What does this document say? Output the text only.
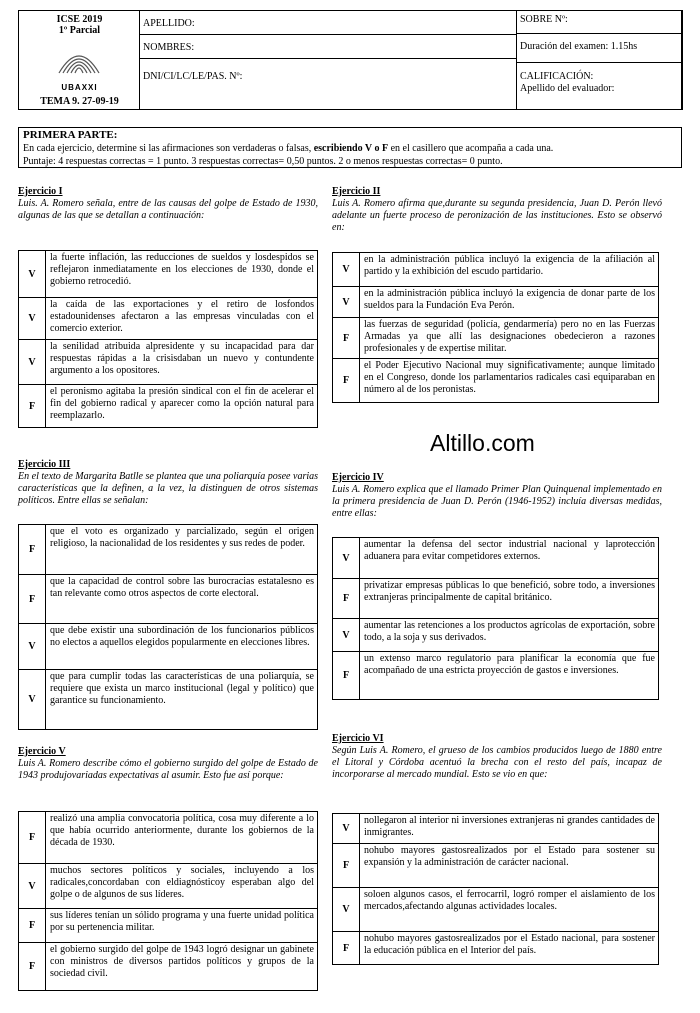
ICSE 2019
1º Parcial
UBAXXI
TEMA 9. 27-09-19
APELLIDO:
NOMBRES:
DNI/CI/LC/LE/PAS. Nº:
SOBRE Nº:
Duración del examen: 1.15hs
CALIFICACIÓN:
Apellido del evaluador:
PRIMERA PARTE:
En cada ejercicio, determine si las afirmaciones son verdaderas o falsas, escribiendo V o F en el casillero que acompaña a cada una.
Puntaje: 4 respuestas correctas = 1 punto. 3 respuestas correctas= 0,50 puntos. 2 o menos respuestas correctas= 0 punto.
Ejercicio I
Luis. A. Romero señala, entre de las causas del golpe de Estado de 1930, algunas de las que se detallan a continuación:
V
la fuerte inflación, las reducciones de sueldos y losdespidos se reflejaron inmediatamente en los elecciones de 1930, donde el gobierno retrocedió.
V
la caída de las exportaciones y el retiro de losfondos estadounidenses afectaron a las empresas vinculadas con el comercio exterior.
V
la senilidad atribuida alpresidente y su incapacidad para dar respuestas rápidas a la crisisdaban un nuevo y contundente argumento a los opositores.
F
el peronismo agitaba la presión sindical con el fin de acelerar el fin del gobierno radical y aparecer como la opción natural para reemplazarlo.
Ejercicio II
Luis A. Romero afirma que,durante su segunda presidencia, Juan D. Perón llevó adelante un fuerte proceso de peronización de las instituciones. Esto se observó en:
V
en la administración pública incluyó la exigencia de la afiliación al partido y la exhibición del escudo partidario.
V
en la administración pública incluyó la exigencia de donar parte de los sueldos para la Fundación Eva Perón.
F
las fuerzas de seguridad (policía, gendarmería) pero no en las Fuerzas Armadas ya que allí las designaciones obedecieron a razones profesionales y de expertise militar.
F
el Poder Ejecutivo Nacional muy significativamente; aunque limitado en el Congreso, donde los parlamentarios radicales casi equiparaban en número al de los peronistas.
Altillo.com
Ejercicio III
En el texto de Margarita Batlle se plantea que una poliarquía posee varias características que la definen, a la vez, la distinguen de otros sistemas políticos. Entre ellas se señalan:
F
que el voto es organizado y parcializado, según el origen religioso, la nacionalidad de los residentes y sus redes de poder.
F
que la capacidad de control sobre las burocracias estatalesno es tan relevante como otros aspectos de corte electoral.
V
que debe existir una subordinación de los funcionarios públicos no electos a aquellos elegidos popularmente en elecciones libres.
V
que para cumplir todas las características de una poliarquía, se requiere que exista un marco institucional (legal y político) que garantice su funcionamiento.
Ejercicio IV
Luis A. Romero explica que el llamado Primer Plan Quinquenal implementado en la primera presidencia de Juan D. Perón (1946-1952) incluía diversas medidas, entre ellas:
V
aumentar la defensa del sector industrial nacional y laprotección aduanera para evitar competidores externos.
F
privatizar empresas públicas lo que benefició, sobre todo, a inversiones extranjeras principalmente de capital británico.
V
aumentar las retenciones a los productos agrícolas de exportación, sobre todo, a la soja y sus derivados.
F
un extenso marco regulatorio para planificar la economía que fue acompañado de una estricta proyección de gastos e inversiones.
Ejercicio V
Luis A. Romero describe cómo el gobierno surgido del golpe de Estado de 1943 produjovariadas expectativas al asumir. Esto fue así porque:
F
realizó una amplia convocatoria política, cosa muy diferente a lo que había ocurrido anteriormente, durante los gobiernos de la década de 1930.
V
muchos sectores políticos y sociales, incluyendo a los radicales,concordaban con eldiagnósticoy esperaban algo del golpe o de algunos de sus líderes.
F
sus líderes tenían un sólido programa y una fuerte unidad política por su pertenencia militar.
F
el gobierno surgido del golpe de 1943 logró designar un gabinete con ministros de diversos partidos políticos y grupos de la sociedad civil.
Ejercicio VI
Según Luis A. Romero, el grueso de los cambios producidos luego de 1880 entre el Litoral y Córdoba acentuó la brecha con el resto del país, incapaz de incorporarse al mercado mundial. Esto se vio en que:
V
nollegaron al interior ni inversiones extranjeras ni grandes cantidades de inmigrantes.
F
nohubo mayores gastosrealizados por el Estado para sostener su expansión y la administración de carácter nacional.
V
soloen algunos casos, el ferrocarril, logró romper el aislamiento de los mercados,afectando algunas actividades locales.
F
nohubo mayores gastosrealizados por el Estado nacional, para sostener la educación pública en el Interior del país.
